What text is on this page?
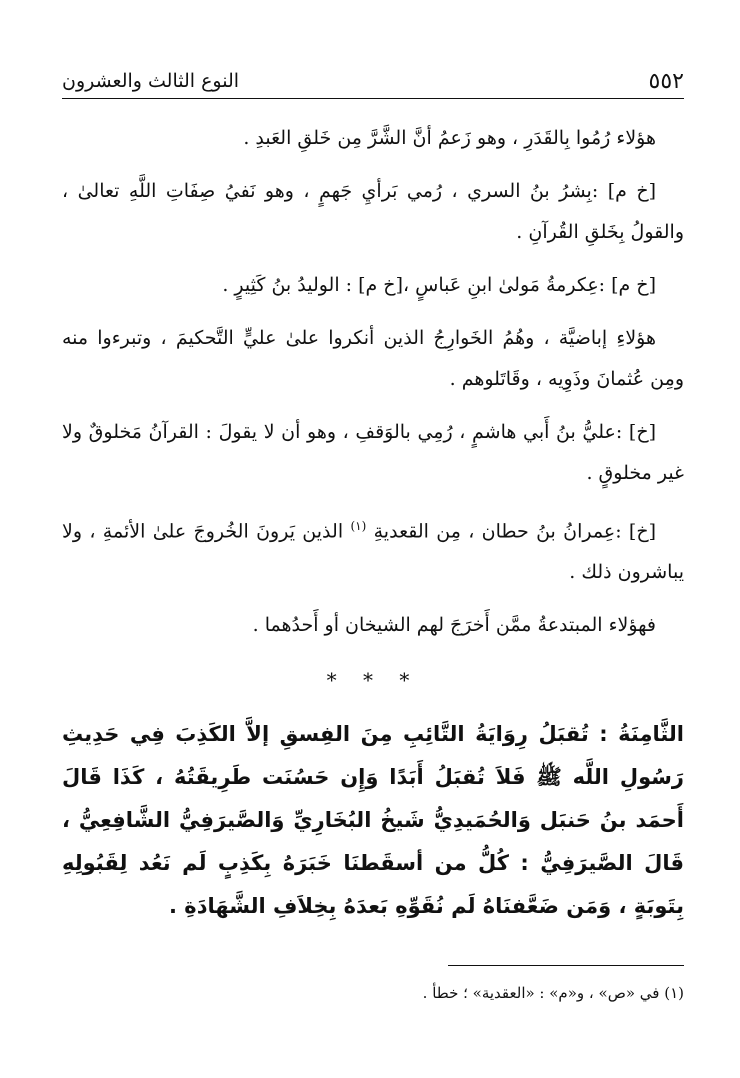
٥٥٢
النوع الثالث والعشرون

هؤلاء رُمُوا بِالقَدَرِ ، وهو زَعمُ أنَّ الشَّرَّ مِن خَلقِ العَبدِ .

[خ م] :بِشرُ بنُ السري ، رُمي بَرأيِ جَهمٍ ، وهو نَفيُ صِفَاتِ اللَّهِ تعالىٰ ، والقولُ بِخَلقِ القُرآنِ .

[خ م] :عِكرمةُ مَولىٰ ابنِ عَباسٍ ،[خ م] : الوليدُ بنُ كَثِيرٍ .

هؤلاءِ إباضيَّة ، وهُمُ الخَوارِجُ الذين أنكروا علىٰ عليٍّ التَّحكيمَ ، وتبرءوا منه ومِن عُثمانَ وذَوِيه ، وقَاتَلوهم .

[خ] :عليُّ بنُ أَبي هاشمٍ ، رُمِي بالوَقفِ ، وهو أن لا يقولَ : القرآنُ مَخلوقٌ ولا غير مخلوقٍ .

[خ] :عِمرانُ بنُ حطان ، مِن القعديةِ $^{(١)}$ الذين يَرونَ الخُروجَ علىٰ الأئمةِ ، ولا يباشرون ذلك .

فهؤلاء المبتدعةُ ممَّن أَخرَجَ لهم الشيخان أو أَحدُهما .

* * *

الثَّامِنَةُ : تُقبَلُ رِوَايَةُ التَّائِبِ مِنَ الفِسقِ إلاَّ الكَذِبَ فِي حَدِيثِ رَسُولِ اللَّه ﷺ فَلاَ تُقبَلُ أَبَدًا وَإِن حَسُنَت طَرِيقَتُهُ ، كَذَا قَالَ أَحمَد بنُ حَنبَل وَالحُمَيدِيُّ شَيخُ البُخَارِيِّ وَالصَّيرَفِيُّ الشَّافِعِيُّ ، قَالَ الصَّيرَفِيُّ : كُلُّ من أسقَطنَا خَبَرَهُ بِكَذِبٍ لَم نَعُد لِقَبُولِهِ بِتَوبَةٍ ، وَمَن ضَعَّفنَاهُ لَم نُقَوِّهِ بَعدَهُ بِخِلاَفِ الشَّهَادَةِ .

(١) في «ص» ، و«م» : «العقدية» ؛ خطأ .
